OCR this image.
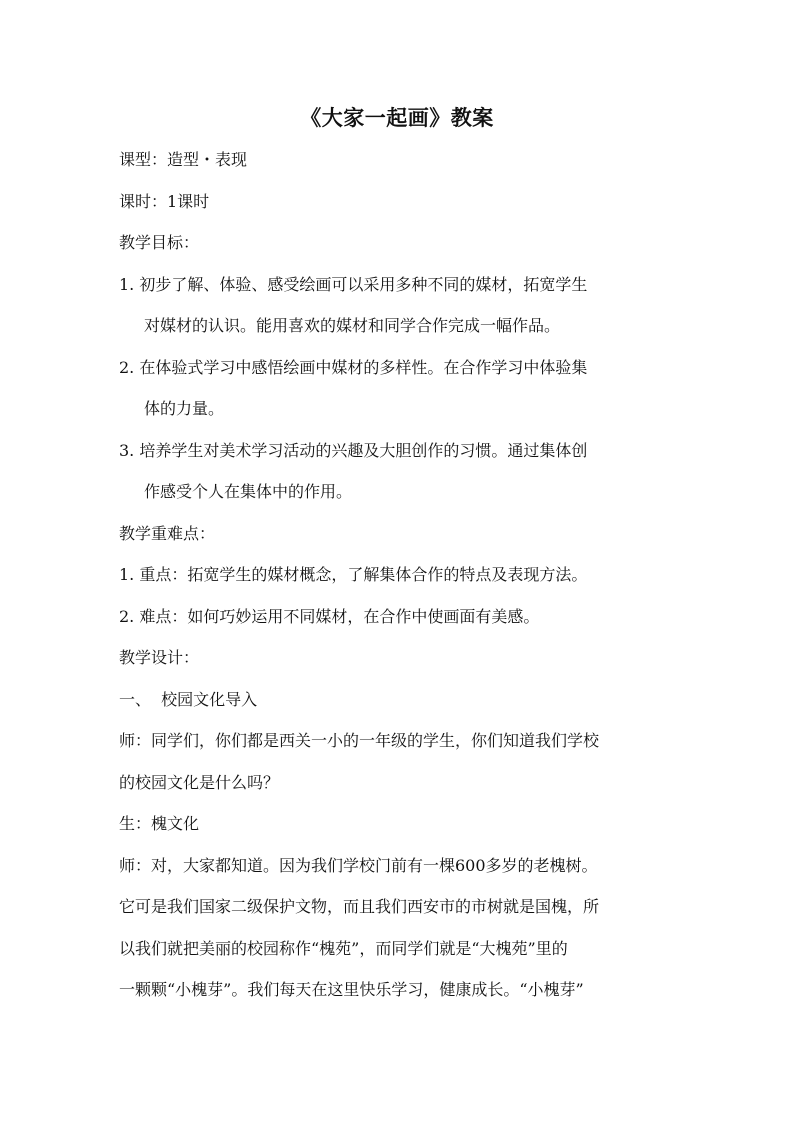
《大家一起画》教案
课型：造型・表现
课时：1课时
教学目标：
1. 初步了解、体验、感受绘画可以采用多种不同的媒材，拓宽学生
对媒材的认识。能用喜欢的媒材和同学合作完成一幅作品。
2. 在体验式学习中感悟绘画中媒材的多样性。在合作学习中体验集
体的力量。
3. 培养学生对美术学习活动的兴趣及大胆创作的习惯。通过集体创
作感受个人在集体中的作用。
教学重难点：
1. 重点：拓宽学生的媒材概念，了解集体合作的特点及表现方法。
2. 难点：如何巧妙运用不同媒材，在合作中使画面有美感。
教学设计：
一、  校园文化导入
师：同学们，你们都是西关一小的一年级的学生，你们知道我们学校
的校园文化是什么吗？
生：槐文化
师：对，大家都知道。因为我们学校门前有一棵600多岁的老槐树。
它可是我们国家二级保护文物，而且我们西安市的市树就是国槐，所
以我们就把美丽的校园称作“槐苑”，而同学们就是“大槐苑”里的
一颗颗“小槐芽”。我们每天在这里快乐学习，健康成长。“小槐芽”
